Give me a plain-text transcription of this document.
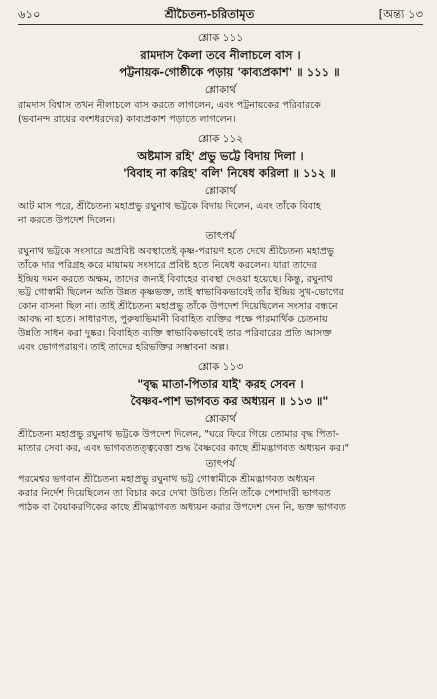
৬১০	শ্রীচৈতন্য-চরিতামৃত	[অন্ত্য ১৩
শ্লোক ১১১
রামদাস কৈলা তবে নীলাচলে বাস ।
পট্টনায়ক-গোষ্ঠীকে পড়ায় 'কাব্যপ্রকাশ' ॥ ১১১ ॥
শ্লোকার্থ

রামদাস বিশ্বাস তখন নীলাচলে বাস করতে লাগলেন, এবং পট্টনায়কের পরিবারকে
(ভবানন্দ রায়ের বংশধরদের) কাব্যপ্রকাশ পড়াতে লাগলেন।

শ্লোক ১১২
অষ্টমাস রহি' প্রভু ভট্টে বিদায় দিলা ।
'বিবাহ না করিহ' বলি' নিষেধ করিলা ॥ ১১২ ॥
শ্লোকার্থ

আট মাস পরে, শ্রীচৈতন্য মহাপ্রভু রঘুনাথ ভট্টকে বিদায় দিলেন, এবং তাঁকে বিবাহ
না করতে উপদেশ দিলেন।

তাৎপর্য

রঘুনাথ ভট্টকে সংসারে অপ্রবিষ্ট অবস্থাতেই কৃষ্ণ-পরায়ণ হতে দেখে শ্রীচৈতন্য মহাপ্রভু
তাঁকে দার পরিগ্রহ করে মায়াময় সংসারে প্রবিষ্ট হতে নিষেধ করলেন। যারা তাদের
ইন্দ্রিয় দমন করতে অক্ষম, তাদের জন্যই বিবাহের ব্যবস্থা দেওয়া হয়েছে। কিন্তু, রঘুনাথ
ভট্ট গোস্বামী ছিলেন অতি উন্নত কৃষ্ণভক্ত, তাই স্বাভাবিকভাবেই তাঁর ইন্দ্রিয় সুখ-ভোগের
কোন বাসনা ছিল না। তাই শ্রীচৈতন্য মহাপ্রভু তাঁকে উপদেশ দিয়েছিলেন সংসার বন্ধনে
আবদ্ধ না হতে। সাধারণত, পুরুষাভিমানী বিবাহিত ব্যক্তির পক্ষে পারমার্থিক চেতনায়
উন্নতি সাধন করা দুষ্কর। বিবাহিত ব্যক্তি স্বাভাবিকভাবেই তার পরিবারের প্রতি আসক্ত
এবং ভোগপরায়ণ। তাই তাদের হরিভক্তির সম্ভাবনা অল্প।

শ্লোক ১১৩
"বৃদ্ধ মাতা-পিতার যাই' করহ সেবন ।
বৈষ্ণব-পাশ ভাগবত কর অধ্যয়ন ॥ ১১৩ ॥"
শ্লোকার্থ

শ্রীচৈতন্য মহাপ্রভু রঘুনাথ ভট্টকে উপদেশ দিলেন, "ঘরে ফিরে গিয়ে তোমার বৃদ্ধ পিতা-
মাতার সেবা কর, এবং ভাগবততত্ত্ববেত্তা শুদ্ধ বৈষ্ণবের কাছে শ্রীমদ্ভাগবত অধ্যয়ন কর।"

তাৎপর্য

পরমেশ্বর ভগবান শ্রীচৈতন্য মহাপ্রভু রঘুনাথ ভট্ট গোস্বামীকে শ্রীমদ্ভাগবত অধ্যয়ন
করার নির্দেশ দিয়েছিলেন তা বিচার করে দেখা উচিত। তিনি তাঁকে পেশাদারী ভাগবত
পাঠক বা বৈয়াকরণিকের কাছে শ্রীমদ্ভাগবত অধ্যয়ন করার উপদেশ দেন নি, ভক্ত ভাগবত
